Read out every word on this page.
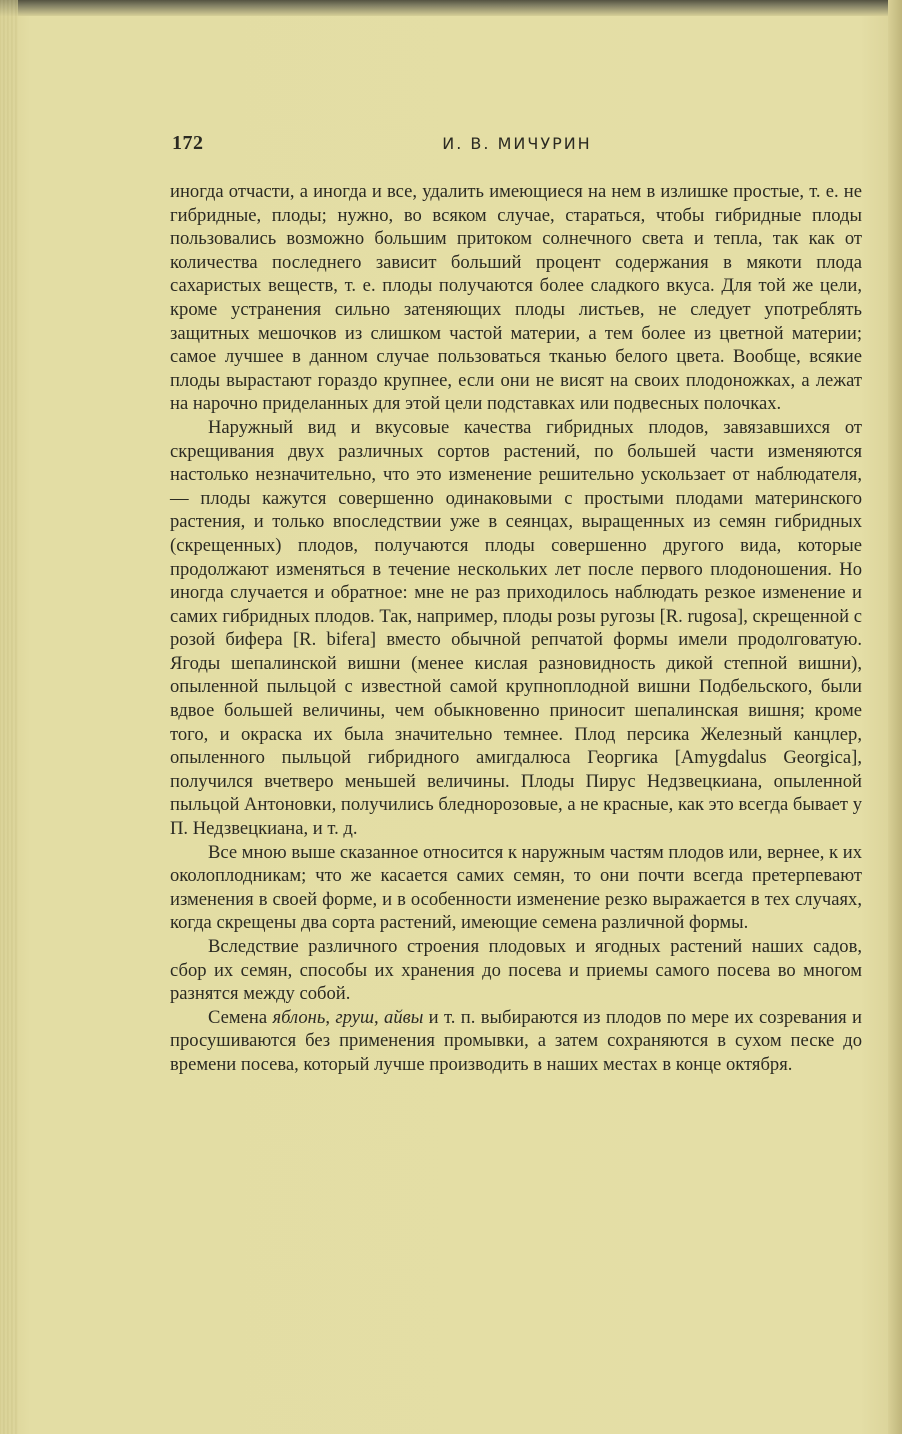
172	И. В. МИЧУРИН

иногда отчасти, а иногда и все, удалить имеющиеся на нем в излишке простые, т. е. не гибридные, плоды; нужно, во всяком случае, стараться, чтобы гибридные плоды пользовались возможно большим притоком солнечного света и тепла, так как от количества последнего зависит больший процент содержания в мякоти плода сахаристых веществ, т. е. плоды получаются более сладкого вкуса. Для той же цели, кроме устранения сильно затеняющих плоды листьев, не следует употреблять защитных мешочков из слишком частой материи, а тем более из цветной материи; самое лучшее в данном случае пользоваться тканью белого цвета. Вообще, всякие плоды вырастают гораздо крупнее, если они не висят на своих плодоножках, а лежат на нарочно приделанных для этой цели подставках или подвесных полочках.

Наружный вид и вкусовые качества гибридных плодов, завязавшихся от скрещивания двух различных сортов растений, по большей части изменяются настолько незначительно, что это изменение решительно ускользает от наблюдателя, — плоды кажутся совершенно одинаковыми с простыми плодами материнского растения, и только впоследствии уже в сеянцах, выращенных из семян гибридных (скрещенных) плодов, получаются плоды совершенно другого вида, которые продолжают изменяться в течение нескольких лет после первого плодоношения. Но иногда случается и обратное: мне не раз приходилось наблюдать резкое изменение и самих гибридных плодов. Так, например, плоды розы ругозы [R. rugosa], скрещенной с розой бифера [R. bifera] вместо обычной репчатой формы имели продолговатую. Ягоды шепалинской вишни (менее кислая разновидность дикой степной вишни), опыленной пыльцой с известной самой крупноплодной вишни Подбельского, были вдвое большей величины, чем обыкновенно приносит шепалинская вишня; кроме того, и окраска их была значительно темнее. Плод персика Железный канцлер, опыленного пыльцой гибридного амигдалюса Георгика [Amygdalus Georgica], получился вчетверо меньшей величины. Плоды Пирус Недзвецкиана, опыленной пыльцой Антоновки, получились бледнорозовые, а не красные, как это всегда бывает у П. Недзвецкиана, и т. д.

Все мною выше сказанное относится к наружным частям плодов или, вернее, к их околоплодникам; что же касается самих семян, то они почти всегда претерпевают изменения в своей форме, и в особенности изменение резко выражается в тех случаях, когда скрещены два сорта растений, имеющие семена различной формы.

Вследствие различного строения плодовых и ягодных растений наших садов, сбор их семян, способы их хранения до посева и приемы самого посева во многом разнятся между собой.

Семена яблонь, груш, айвы и т. п. выбираются из плодов по мере их созревания и просушиваются без применения промывки, а затем сохраняются в сухом песке до времени посева, который лучше производить в наших местах в конце октября.
